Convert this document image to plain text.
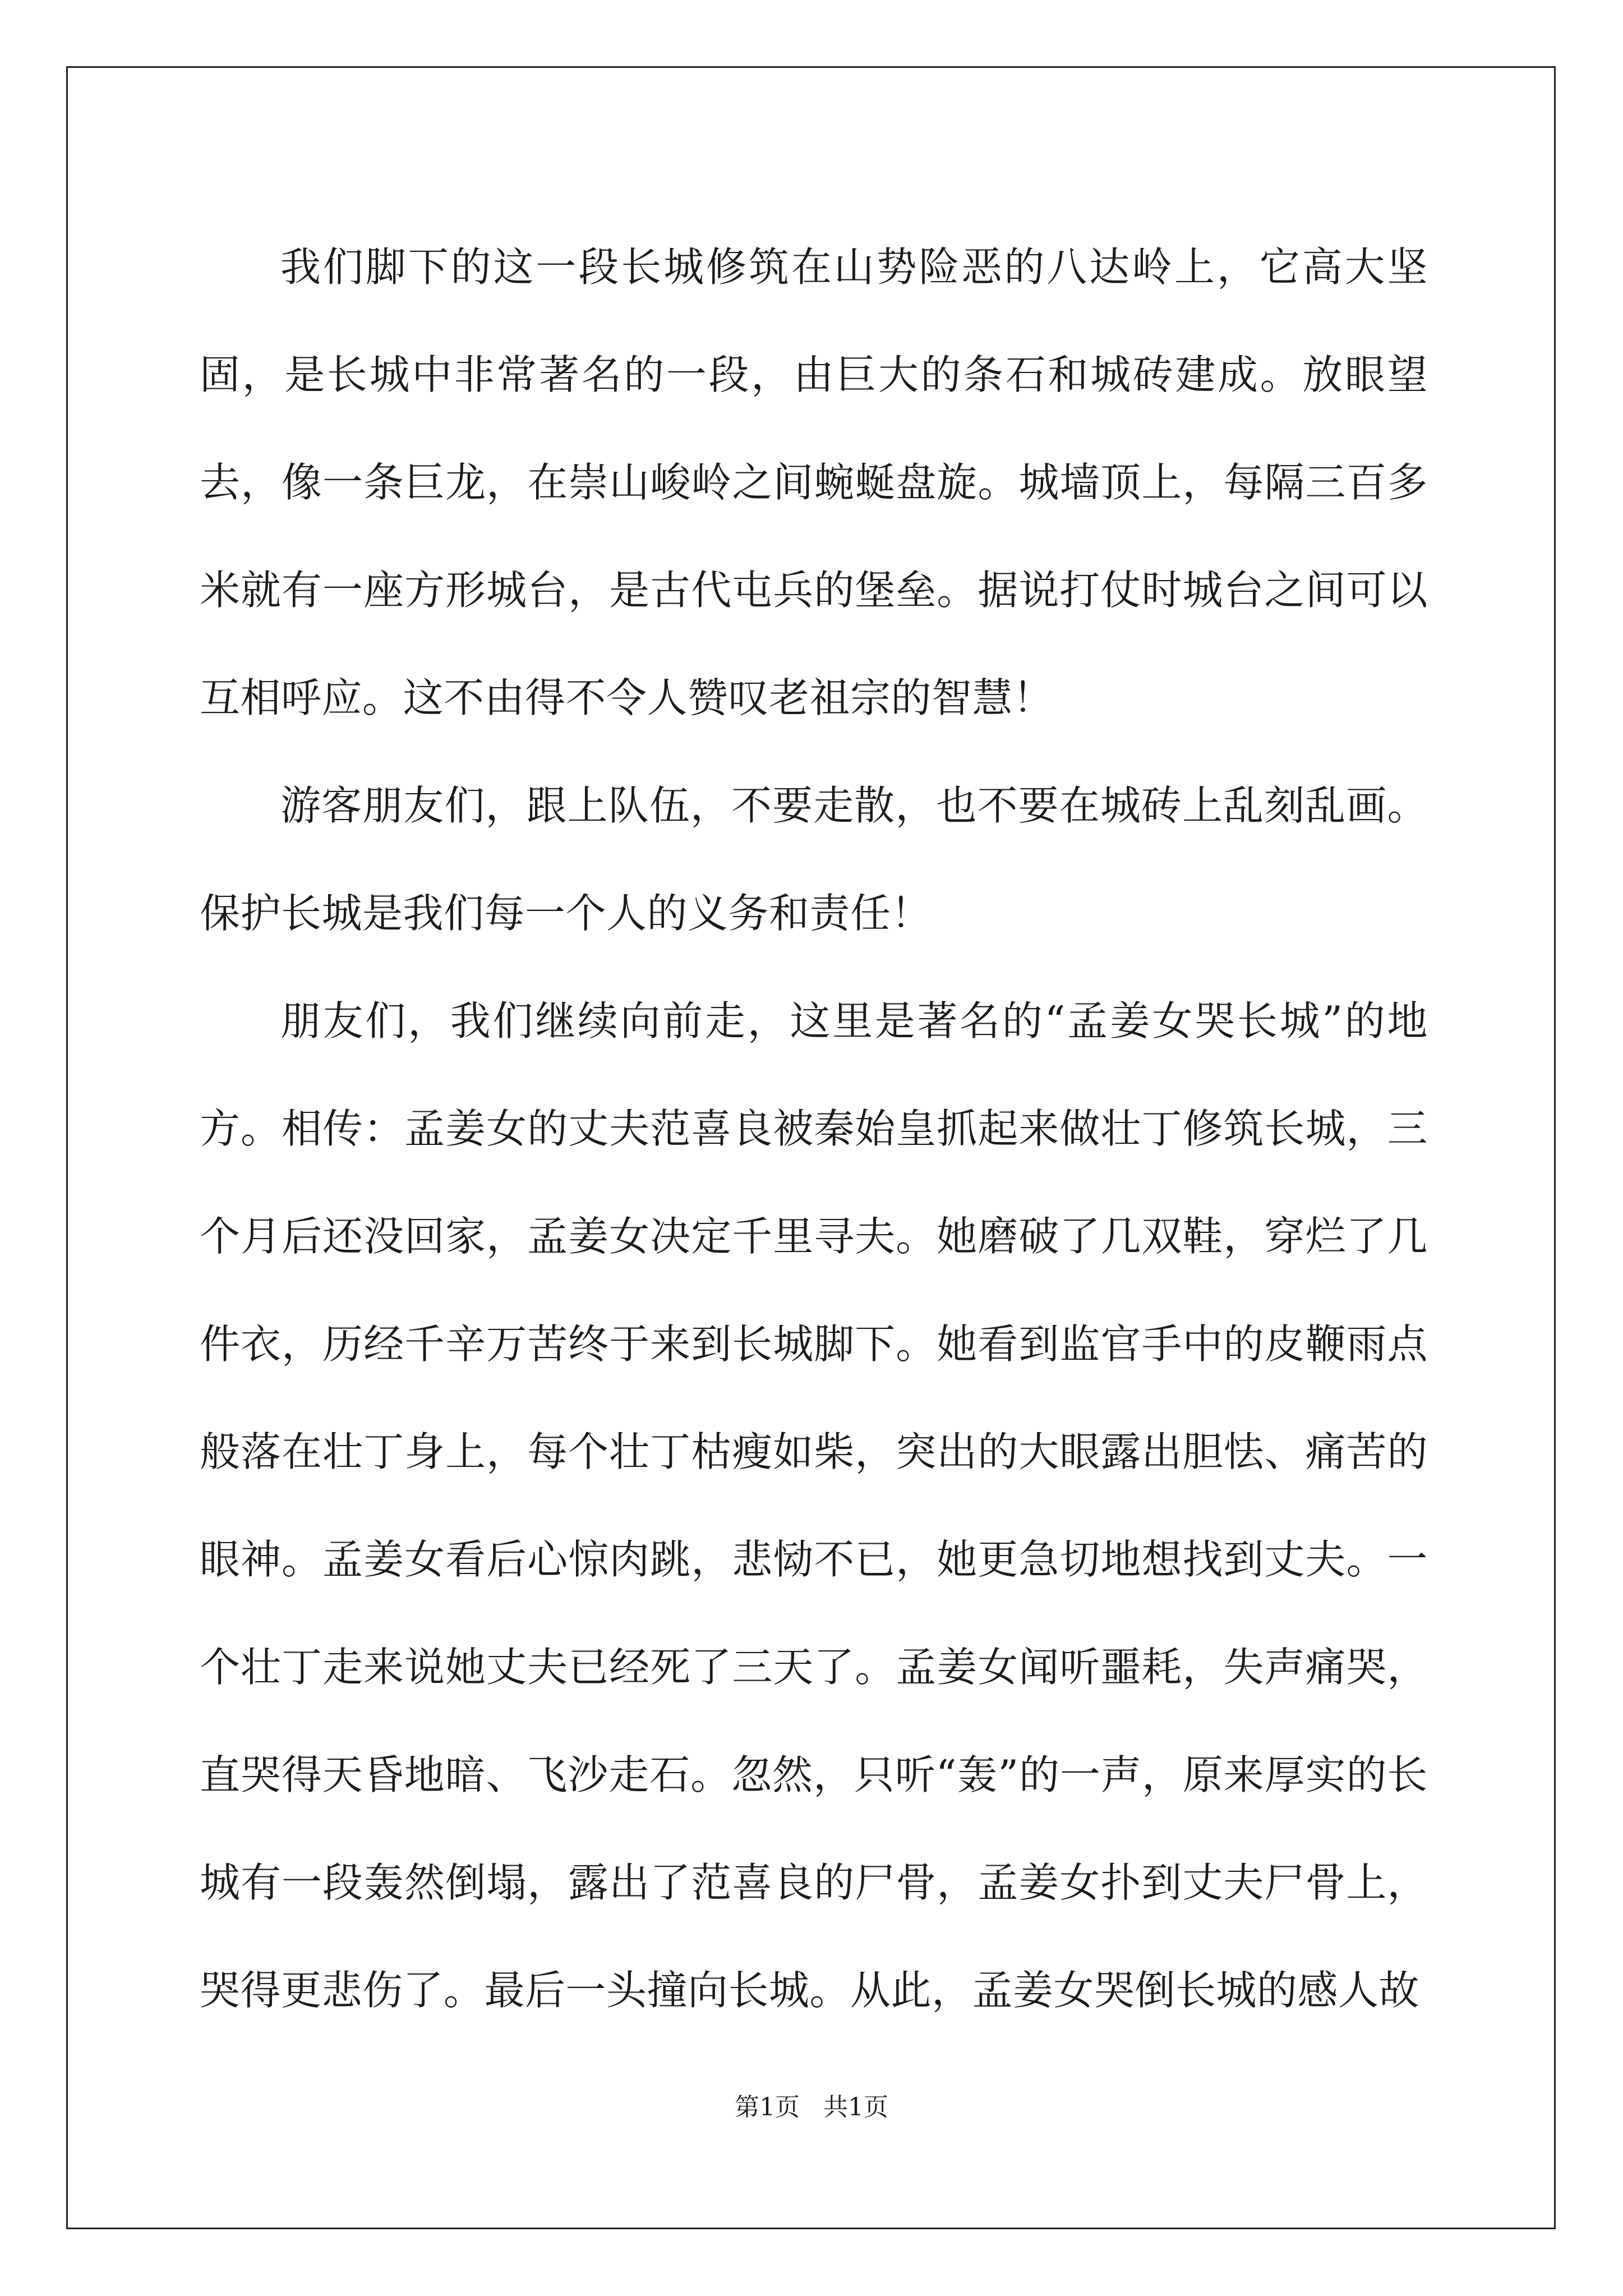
我们脚下的这一段长城修筑在山势险恶的八达岭上，它高大坚固，是长城中非常著名的一段，由巨大的条石和城砖建成。放眼望去，像一条巨龙，在崇山峻岭之间蜿蜒盘旋。城墙顶上，每隔三百多米就有一座方形城台，是古代屯兵的堡垒。据说打仗时城台之间可以互相呼应。这不由得不令人赞叹老祖宗的智慧！

游客朋友们，跟上队伍，不要走散，也不要在城砖上乱刻乱画。保护长城是我们每一个人的义务和责任！

朋友们，我们继续向前走，这里是著名的“孟姜女哭长城”的地方。相传：孟姜女的丈夫范喜良被秦始皇抓起来做壮丁修筑长城，三个月后还没回家，孟姜女决定千里寻夫。她磨破了几双鞋，穿烂了几件衣，历经千辛万苦终于来到长城脚下。她看到监官手中的皮鞭雨点般落在壮丁身上，每个壮丁枯瘦如柴，突出的大眼露出胆怯、痛苦的眼神。孟姜女看后心惊肉跳，悲恸不已，她更急切地想找到丈夫。一个壮丁走来说她丈夫已经死了三天了。孟姜女闻听噩耗，失声痛哭，直哭得天昏地暗、飞沙走石。忽然，只听“轰”的一声，原来厚实的长城有一段轰然倒塌，露出了范喜良的尸骨，孟姜女扑到丈夫尸骨上，哭得更悲伤了。最后一头撞向长城。从此，孟姜女哭倒长城的感人故

第1页 共1页
